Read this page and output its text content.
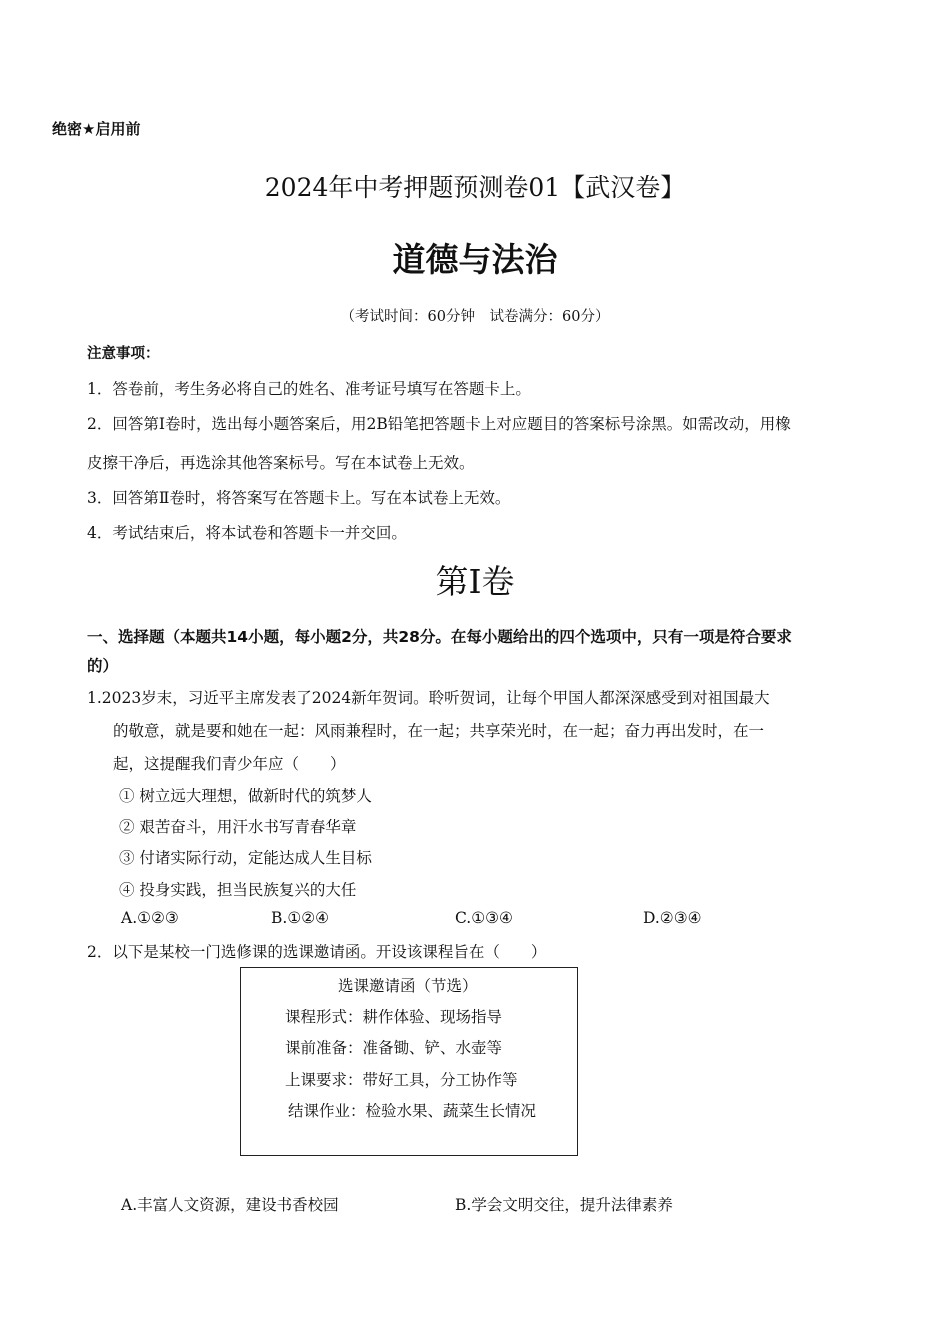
绝密★启用前
2024年中考押题预测卷01【武汉卷】
道德与法治
（考试时间：60分钟　试卷满分：60分）
注意事项：
1．答卷前，考生务必将自己的姓名、准考证号填写在答题卡上。
2．回答第Ⅰ卷时，选出每小题答案后，用2B铅笔把答题卡上对应题目的答案标号涂黑。如需改动，用橡
皮擦干净后，再选涂其他答案标号。写在本试卷上无效。
3．回答第Ⅱ卷时，将答案写在答题卡上。写在本试卷上无效。
4．考试结束后，将本试卷和答题卡一并交回。
第Ⅰ卷
一、选择题（本题共14小题，每小题2分，共28分。在每小题给出的四个选项中，只有一项是符合要求
的）
1.2023岁末，习近平主席发表了2024新年贺词。聆听贺词，让每个甲国人都深深感受到对祖国最大
的敬意，就是要和她在一起：风雨兼程时，在一起；共享荣光时，在一起；奋力再出发时，在一
起，这提醒我们青少年应（　　）
① 树立远大理想，做新时代的筑梦人
② 艰苦奋斗，用汗水书写青春华章
③ 付诸实际行动，定能达成人生目标
④ 投身实践，担当民族复兴的大任
A.①②③	B.①②④	C.①③④	D.②③④
2．以下是某校一门选修课的选课邀请函。开设该课程旨在（　　）
选课邀请函（节选）
课程形式：耕作体验、现场指导
课前准备：准备锄、铲、水壶等
上课要求：带好工具，分工协作等
结课作业：检验水果、蔬菜生长情况
A.丰富人文资源，建设书香校园	B.学会文明交往，提升法律素养
